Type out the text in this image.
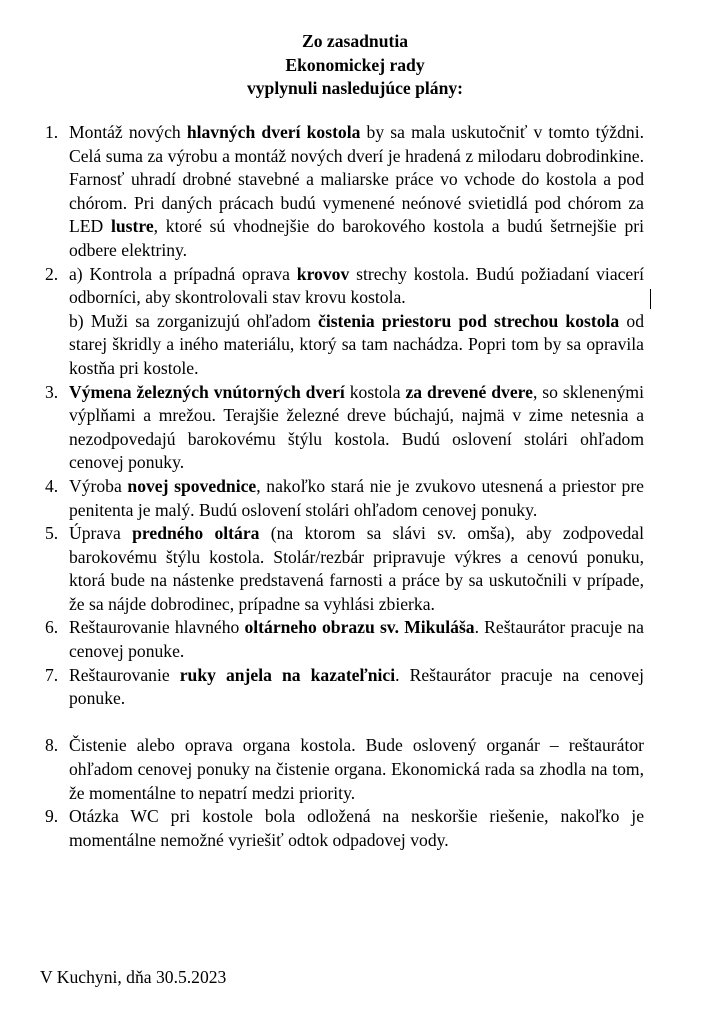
Zo zasadnutia
Ekonomickej rady
vyplynuli nasledujúce plány:
1. Montáž nových hlavných dverí kostola by sa mala uskutočniť v tomto týždni. Celá suma za výrobu a montáž nových dverí je hradená z milodaru dobrodinkine. Farnosť uhradí drobné stavebné a maliarske práce vo vchode do kostola a pod chórom. Pri daných prácach budú vymenené neónové svietidlá pod chórom za LED lustre, ktoré sú vhodnejšie do barokového kostola a budú šetrnejšie pri odbere elektriny.
2. a) Kontrola a prípadná oprava krovov strechy kostola. Budú požiadaní viacerí odborníci, aby skontrolovali stav krovu kostola.
b) Muži sa zorganizujú ohľadom čistenia priestoru pod strechou kostola od starej škridly a iného materiálu, ktorý sa tam nachádza. Popri tom by sa opravila kostňa pri kostole.
3. Výmena železných vnútorných dverí kostola za drevené dvere, so sklenenými výplňami a mrežou. Terajšie železné dreve búchajú, najmä v zime netesnia a nezodpovedajú barokovému štýlu kostola. Budú oslovení stolári ohľadom cenovej ponuky.
4. Výroba novej spovednice, nakoľko stará nie je zvukovo utesnená a priestor pre penitenta je malý. Budú oslovení stolári ohľadom cenovej ponuky.
5. Úprava predného oltára (na ktorom sa slávi sv. omša), aby zodpovedal barokovému štýlu kostola. Stolár/rezbár pripravuje výkres a cenovú ponuku, ktorá bude na nástenke predstavená farnosti a práce by sa uskutočnili v prípade, že sa nájde dobrodinec, prípadne sa vyhlási zbierka.
6. Reštaurovanie hlavného oltárneho obrazu sv. Mikuláša. Reštaurátor pracuje na cenovej ponuke.
7. Reštaurovanie ruky anjela na kazateľnici. Reštaurátor pracuje na cenovej ponuke.
8. Čistenie alebo oprava organa kostola. Bude oslovený organár – reštaurátor ohľadom cenovej ponuky na čistenie organa. Ekonomická rada sa zhodla na tom, že momentálne to nepatrí medzi priority.
9. Otázka WC pri kostole bola odložená na neskoršie riešenie, nakoľko je momentálne nemožné vyriešiť odtok odpadovej vody.
V Kuchyni, dňa 30.5.2023
